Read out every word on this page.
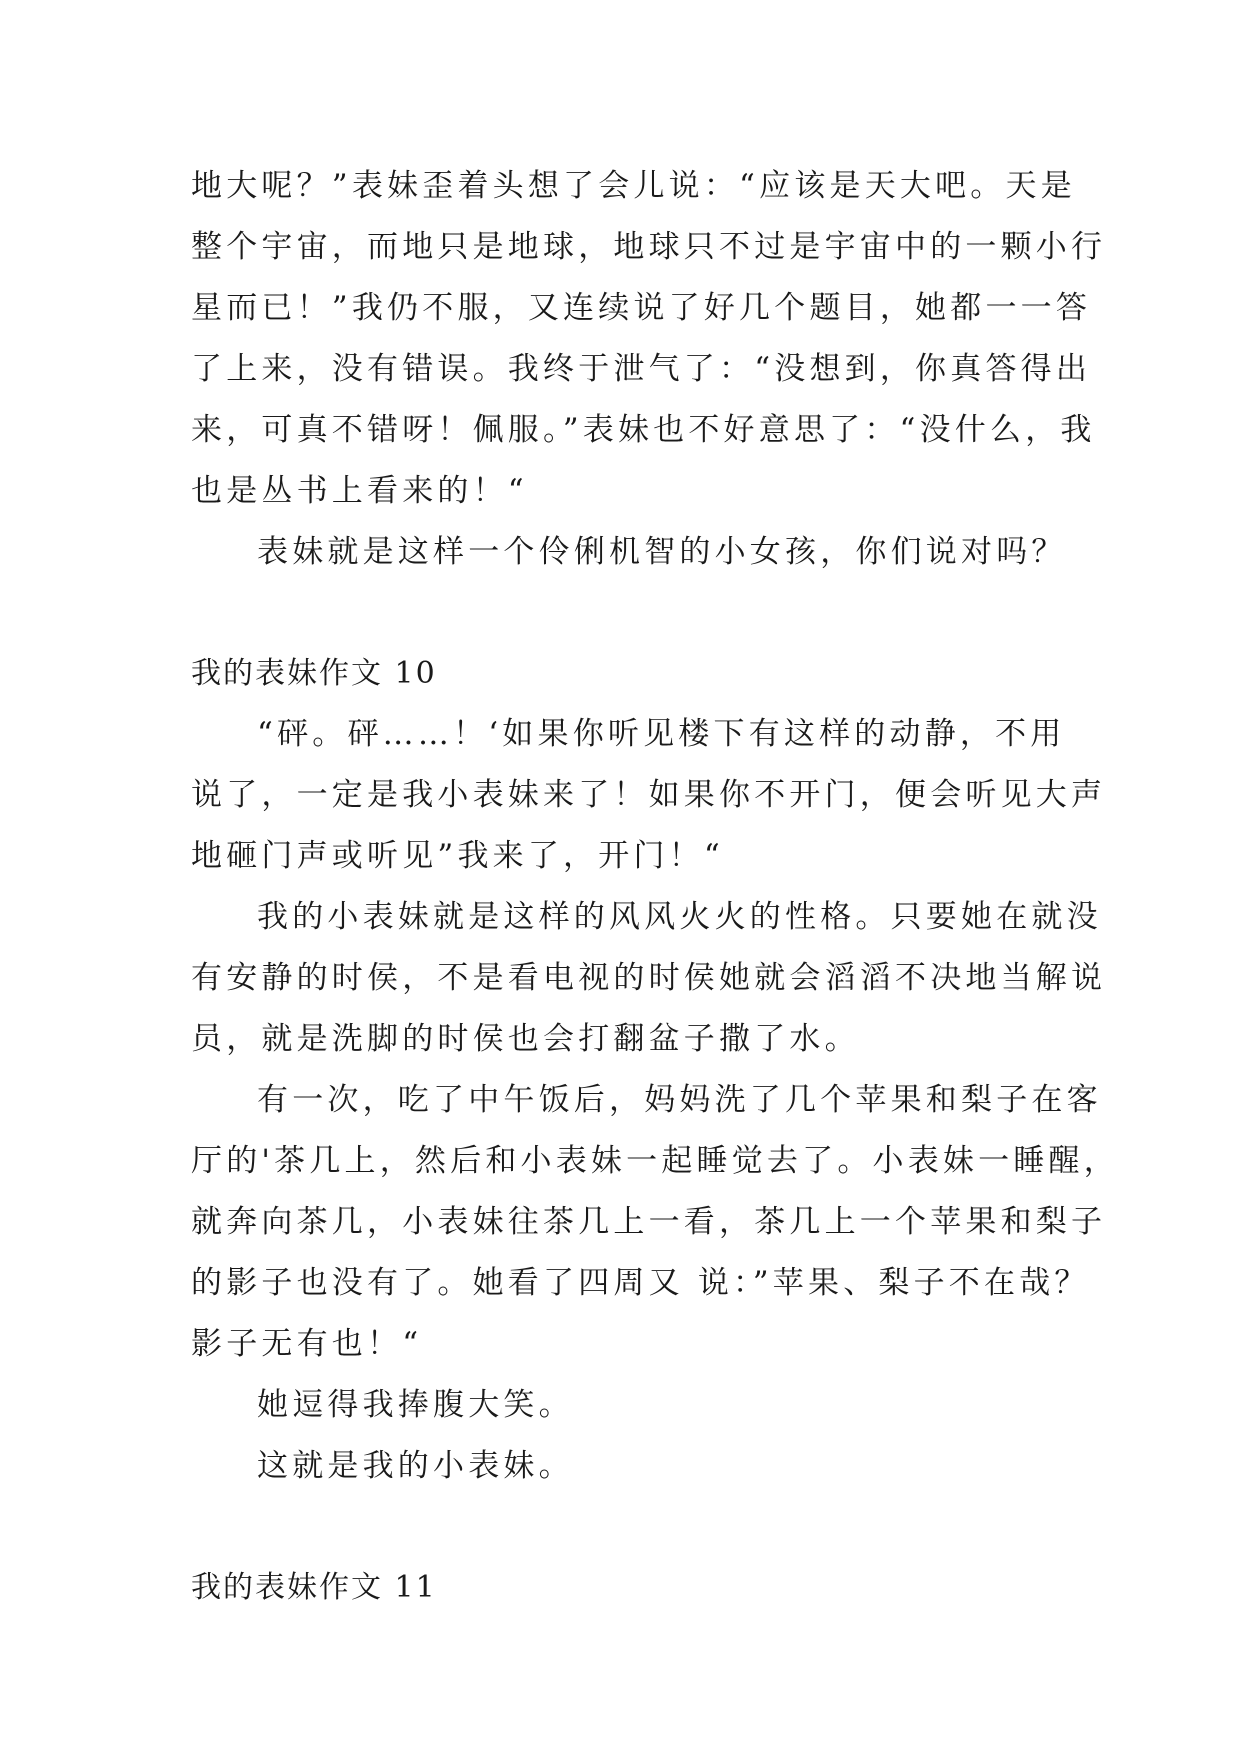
地大呢？”表妹歪着头想了会儿说：“应该是天大吧。天是
整个宇宙，而地只是地球，地球只不过是宇宙中的一颗小行
星而已！”我仍不服，又连续说了好几个题目，她都一一答
了上来，没有错误。我终于泄气了：“没想到，你真答得出
来，可真不错呀！佩服。”表妹也不好意思了：“没什么，我
也是丛书上看来的！“
表妹就是这样一个伶俐机智的小女孩，你们说对吗？
我的表妹作文 10
“砰。砰……！‘如果你听见楼下有这样的动静，不用
说了，一定是我小表妹来了！如果你不开门，便会听见大声
地砸门声或听见”我来了，开门！“
我的小表妹就是这样的风风火火的性格。只要她在就没
有安静的时侯，不是看电视的时侯她就会滔滔不决地当解说
员，就是洗脚的时侯也会打翻盆子撒了水。
有一次，吃了中午饭后，妈妈洗了几个苹果和梨子在客
厅的'茶几上，然后和小表妹一起睡觉去了。小表妹一睡醒，
就奔向茶几，小表妹往茶几上一看，茶几上一个苹果和梨子
的影子也没有了。她看了四周又 说：”苹果、梨子不在哉？
影子无有也！“
她逗得我捧腹大笑。
这就是我的小表妹。
我的表妹作文 11
